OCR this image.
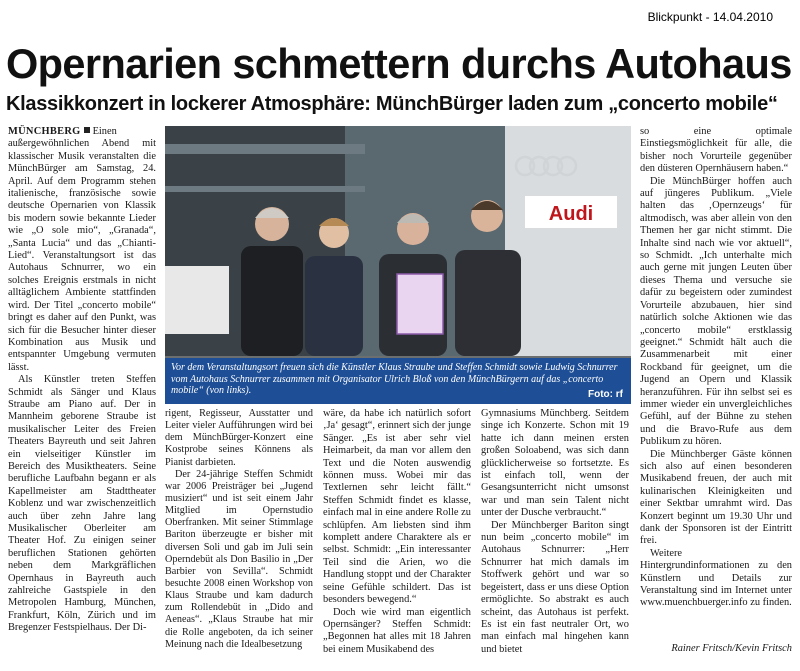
Blickpunkt - 14.04.2010
Opernarien schmettern durchs Autohaus
Klassikkonzert in lockerer Atmosphäre: MünchBürger laden zum „concerto mobile“

MÜNCHBERG Einen außergewöhnlichen Abend mit klassischer Musik veranstalten die MünchBürger am Samstag, 24. April. Auf dem Programm stehen italienische, französische sowie deutsche Opernarien von Klassik bis modern sowie bekannte Lieder wie „O sole mio“, „Granada“, „Santa Lucia“ und das „Chianti-Lied“. Veranstaltungsort ist das Autohaus Schnurrer, wo ein solches Ereignis erstmals in nicht alltäglichem Ambiente stattfinden wird. Der Titel „concerto mobile“ bringt es daher auf den Punkt, was sich für die Besucher hinter dieser Kombination aus Musik und entspannter Umgebung vermuten lässt.

Als Künstler treten Steffen Schmidt als Sänger und Klaus Straube am Piano auf. Der in Mannheim geborene Straube ist musikalischer Leiter des Freien Theaters Bayreuth und seit Jahren ein vielseitiger Künstler im Bereich des Musiktheaters. Seine berufliche Laufbahn begann er als Kapellmeister am Stadttheater Koblenz und war zwischenzeitlich auch über zehn Jahre lang Musikalischer Oberleiter am Theater Hof. Zu einigen seiner beruflichen Stationen gehörten neben dem Markgräflichen Opernhaus in Bayreuth auch zahlreiche Gastspiele in den Metropolen Hamburg, München, Frankfurt, Köln, Zürich und im Bregenzer Festspielhaus. Der Di-

Audi
Vor dem Veranstaltungsort freuen sich die Künstler Klaus Straube und Steffen Schmidt sowie Ludwig Schnurrer vom Autohaus Schnurrer zusammen mit Organisator Ulrich Bloß von den MünchBürgern auf das „concerto mobile“ (von links).	Foto: rf

rigent, Regisseur, Ausstatter und Leiter vieler Aufführungen wird bei dem MünchBürger-Konzert eine Kostprobe seines Könnens als Pianist darbieten.

Der 24-jährige Steffen Schmidt war 2006 Preisträger bei „Jugend musiziert“ und ist seit einem Jahr Mitglied im Opernstudio Oberfranken. Mit seiner Stimmlage Bariton überzeugte er bisher mit diversen Soli und gab im Juli sein Operndebüt als Don Basilio in „Der Barbier von Sevilla“. Schmidt besuchte 2008 einen Workshop von Klaus Straube und kam dadurch zum Rollendebüt in „Dido and Aeneas“. „Klaus Straube hat mir die Rolle angeboten, da ich seiner Meinung nach die Idealbesetzung

wäre, da habe ich natürlich sofort ‚Ja‘ gesagt“, erinnert sich der junge Sänger. „Es ist aber sehr viel Heimarbeit, da man vor allem den Text und die Noten auswendig können muss. Wobei mir das Textlernen sehr leicht fällt.“ Steffen Schmidt findet es klasse, einfach mal in eine andere Rolle zu schlüpfen. Am liebsten sind ihm komplett andere Charaktere als er selbst. Schmidt: „Ein interessanter Teil sind die Arien, wo die Handlung stoppt und der Charakter seine Gefühle schildert. Das ist besonders bewegend.“

Doch wie wird man eigentlich Opernsänger? Steffen Schmidt: „Begonnen hat alles mit 18 Jahren bei einem Musikabend des

Gymnasiums Münchberg. Seitdem singe ich Konzerte. Schon mit 19 hatte ich dann meinen ersten großen Soloabend, was sich dann glücklicherweise so fortsetzte. Es ist einfach toll, wenn der Gesangsunterricht nicht umsonst war und man sein Talent nicht unter der Dusche verbraucht.“

Der Münchberger Bariton singt nun beim „concerto mobile“ im Autohaus Schnurrer: „Herr Schnurrer hat mich damals im Stoffwerk gehört und war so begeistert, dass er uns diese Option ermöglichte. So abstrakt es auch scheint, das Autohaus ist perfekt. Es ist ein fast neutraler Ort, wo man einfach mal hingehen kann und bietet

so eine optimale Einstiegsmöglichkeit für alle, die bisher noch Vorurteile gegenüber den düsteren Opernhäusern haben.“

Die MünchBürger hoffen auch auf jüngeres Publikum. „Viele halten das ‚Opernzeugs‘ für altmodisch, was aber allein von den Themen her gar nicht stimmt. Die Inhalte sind nach wie vor aktuell“, so Schmidt. „Ich unterhalte mich auch gerne mit jungen Leuten über dieses Thema und versuche sie dafür zu begeistern oder zumindest Vorurteile abzubauen, hier sind natürlich solche Aktionen wie das „concerto mobile“ erstklassig geeignet.“ Schmidt hält auch die Zusammenarbeit mit einer Rockband für geeignet, um die Jugend an Opern und Klassik heranzuführen. Für ihn selbst sei es immer wieder ein unvergleichliches Gefühl, auf der Bühne zu stehen und die Bravo-Rufe aus dem Publikum zu hören.

Die Münchberger Gäste können sich also auf einen besonderen Musikabend freuen, der auch mit kulinarischen Kleinigkeiten und einer Sektbar umrahmt wird. Das Konzert beginnt um 19.30 Uhr und dank der Sponsoren ist der Eintritt frei.

Weitere Hintergrundinformationen zu den Künstlern und Details zur Veranstaltung sind im Internet unter www.muenchbuerger.info zu finden.

Rainer Fritsch/Kevin Fritsch
